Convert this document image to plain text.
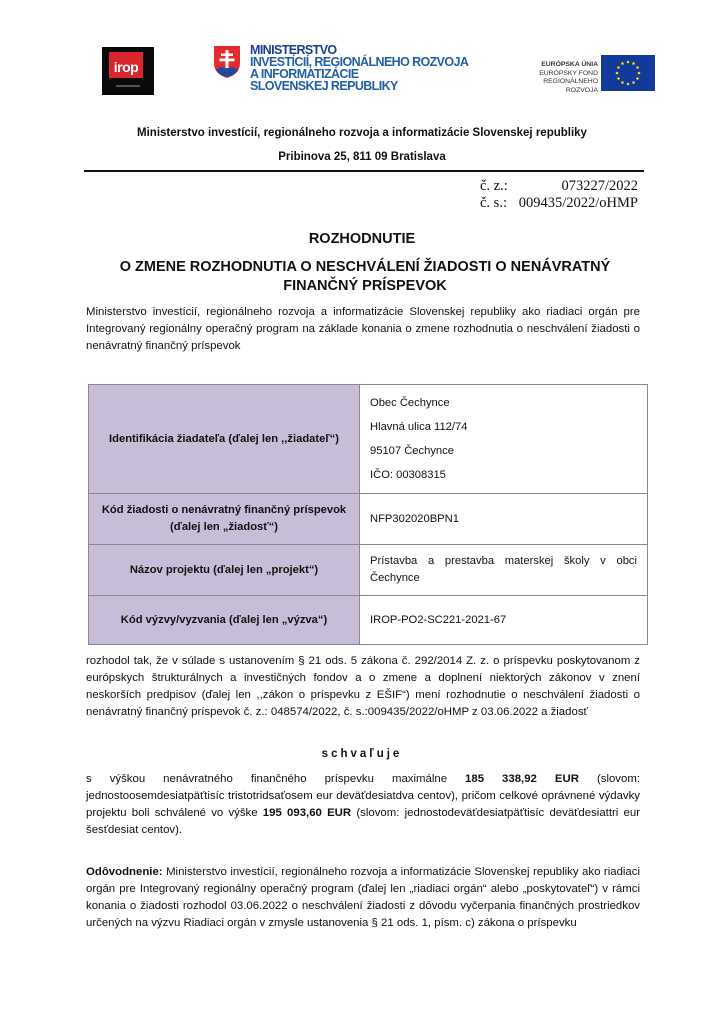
irop
MINISTERSTVO
INVESTÍCIÍ, REGIONÁLNEHO ROZVOJA
A INFORMATIZÁCIE
SLOVENSKEJ REPUBLIKY
EURÓPSKA ÚNIA
EURÓPSKY FOND
REGIONÁLNEHO ROZVOJA
Ministerstvo investícií, regionálneho rozvoja a informatizácie Slovenskej republiky
Pribinova 25, 811 09 Bratislava
č. z.:	073227/2022
č. s.: 009435/2022/oHMP
ROZHODNUTIE
O ZMENE ROZHODNUTIA O NESCHVÁLENÍ ŽIADOSTI O NENÁVRATNÝ FINANČNÝ PRÍSPEVOK
Ministerstvo investícií, regionálneho rozvoja a informatizácie Slovenskej republiky ako riadiaci orgán pre Integrovaný regionálny operačný program na základe konania o zmene rozhodnutia o neschválení žiadosti o nenávratný finančný príspevok
Identifikácia žiadateľa (ďalej len ,,žiadateľ“)	Obec Čechynce
Hlavná ulica 112/74
95107 Čechynce
IČO: 00308315

Kód žiadosti o nenávratný finančný príspevok (ďalej len „žiadosť“)	NFP302020BPN1
Názov projektu (ďalej len „projekt“)	Prístavba a prestavba materskej školy v obci Čechynce
Kód výzvy/vyzvania (ďalej len „výzva“)	IROP-PO2-SC221-2021-67
rozhodol tak, že v súlade s ustanovením § 21 ods. 5 zákona č. 292/2014 Z. z. o príspevku poskytovanom z európskych štrukturálnych a investičných fondov a o zmene a doplnení niektorých zákonov v znení neskorších predpisov (ďalej len ,,zákon o príspevku z EŠIF“) mení rozhodnutie o neschválení žiadosti o nenávratný finančný príspevok č. z.: 048574/2022, č. s.:009435/2022/oHMP z 03.06.2022 a žiadosť
schvaľuje
s výškou nenávratného finančného príspevku maximálne 185 338,92 EUR (slovom: jednostoosemdesiatpäťtisíc tristotridsaťosem eur deväťdesiatdva centov), pričom celkové oprávnené výdavky projektu boli schválené vo výške 195 093,60 EUR (slovom: jednostodeväťdesiatpäťtisíc deväťdesiattri eur šesťdesiat centov).
Odôvodnenie: Ministerstvo investícií, regionálneho rozvoja a informatizácie Slovenskej republiky ako riadiaci orgán pre Integrovaný regionálny operačný program (ďalej len „riadiaci orgán“ alebo „poskytovateľ“) v rámci konania o žiadosti rozhodol 03.06.2022 o neschválení žiadosti z dôvodu vyčerpania finančných prostriedkov určených na výzvu Riadiaci orgán v zmysle ustanovenia § 21 ods. 1, písm. c) zákona o príspevku
